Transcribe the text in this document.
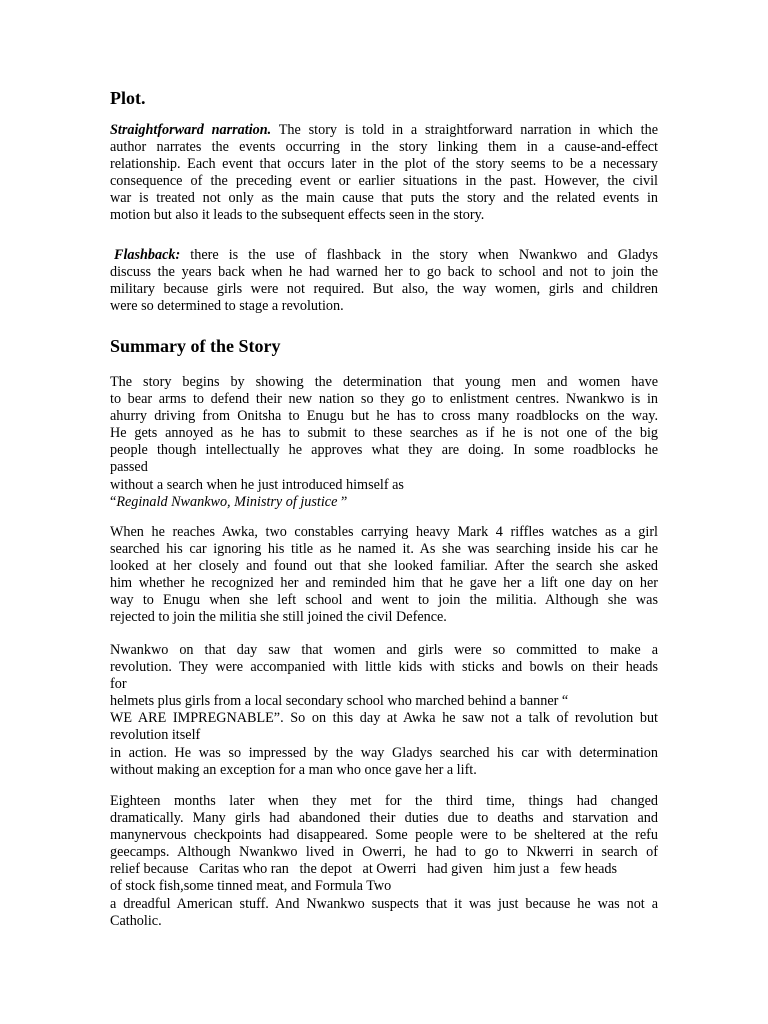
Plot.

Straightforward narration. The story is told in a straightforward narration in which the
author narrates the events occurring in the story linking them in a cause-and-effect
relationship. Each event that occurs later in the plot of the story seems to be a necessary
consequence of the preceding event or earlier situations in the past. However, the civil
war is treated not only as the main cause that puts the story and the related events in
motion but also it leads to the subsequent effects seen in the story.

Flashback: there is the use of flashback in the story when Nwankwo and Gladys
discuss the years back when he had warned her to go back to school and not to join the
military because girls were not required. But also, the way women, girls and children
were so determined to stage a revolution.

Summary of the Story

The story begins by showing the determination that young men and women have
to bear arms to defend their new nation so they go to enlistment centres. Nwankwo is in
ahurry driving from Onitsha to Enugu but he has to cross many roadblocks on the way.
He gets annoyed as he has to submit to these searches as if he is not one of the big
people though intellectually he approves what they are doing. In some roadblocks he
passed
without a search when he just introduced himself as
“Reginald Nwankwo, Ministry of justice ”

When he reaches Awka, two constables carrying heavy Mark 4 riffles watches as a girl
searched his car ignoring his title as he named it. As she was searching inside his car he
looked at her closely and found out that she looked familiar. After the search she asked
him whether he recognized her and reminded him that he gave her a lift one day on her
way to Enugu when she left school and went to join the militia. Although she was
rejected to join the militia she still joined the civil Defence.

Nwankwo on that day saw that women and girls were so committed to make a
revolution. They were accompanied with little kids with sticks and bowls on their heads
for
helmets plus girls from a local secondary school who marched behind a banner “
WE ARE IMPREGNABLE”. So on this day at Awka he saw not a talk of revolution but
revolution itself
in action. He was so impressed by the way Gladys searched his car with determination
without making an exception for a man who once gave her a lift.

Eighteen months later when they met for the third time, things had changed
dramatically. Many girls had abandoned their duties due to deaths and starvation and
manynervous checkpoints had disappeared. Some people were to be sheltered at the refu
geecamps. Although Nwankwo lived in Owerri, he had to go to Nkwerri in search of
relief because   Caritas who ran   the depot   at Owerri   had given   him just a   few heads
of stock fish,some tinned meat, and Formula Two
a dreadful American stuff. And Nwankwo suspects that it was just because he was not a
Catholic.
